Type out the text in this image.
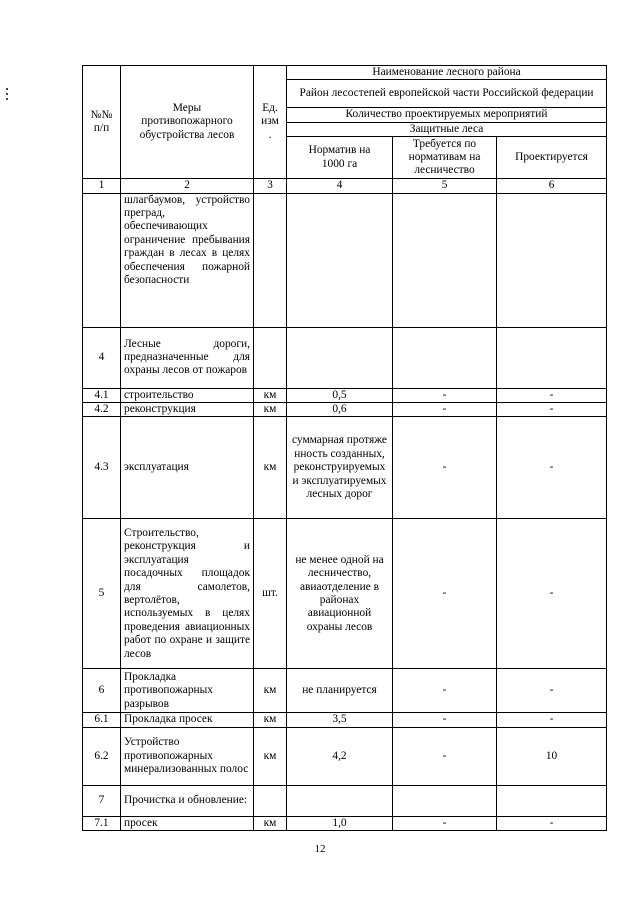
№№ п/п	Меры противопожарного обустройства лесов	Ед. изм .	Наименование лесного района		
			Район лесостепей европейской части Российской федерации		
			Количество проектируемых мероприятий		
			Защитные леса		
			Норматив на 1000 га	Требуется по нормативам на лесничество	Проектируется

1	2	3	4	5	6
	шлагбаумов, устройство преград, обеспечивающих ограничение пребывания граждан в лесах в целях обеспечения пожарной безопасности				
4	Лесные дороги, предназначенные для охраны лесов от пожаров				
4.1	строительство	км	0,5	-	-
4.2	реконструкция	км	0,6	-	-
4.3	эксплуатация	км	суммарная протяженность созданных, реконструируемых и эксплуатируемых лесных дорог	-	-
5	Строительство, реконструкция и эксплуатация посадочных площадок для самолетов, вертолётов, используемых в целях проведения авиационных работ по охране и защите лесов	шт.	не менее одной на лесничество, авиаотделение в районах авиационной охраны лесов	-	-
6	Прокладка противопожарных разрывов	км	не планируется	-	-
6.1	Прокладка просек	км	3,5	-	-
6.2	Устройство противопожарных минерализованных полос	км	4,2	-	10
7	Прочистка и обновление:				
7.1	просек	км	1,0	-	-
12
